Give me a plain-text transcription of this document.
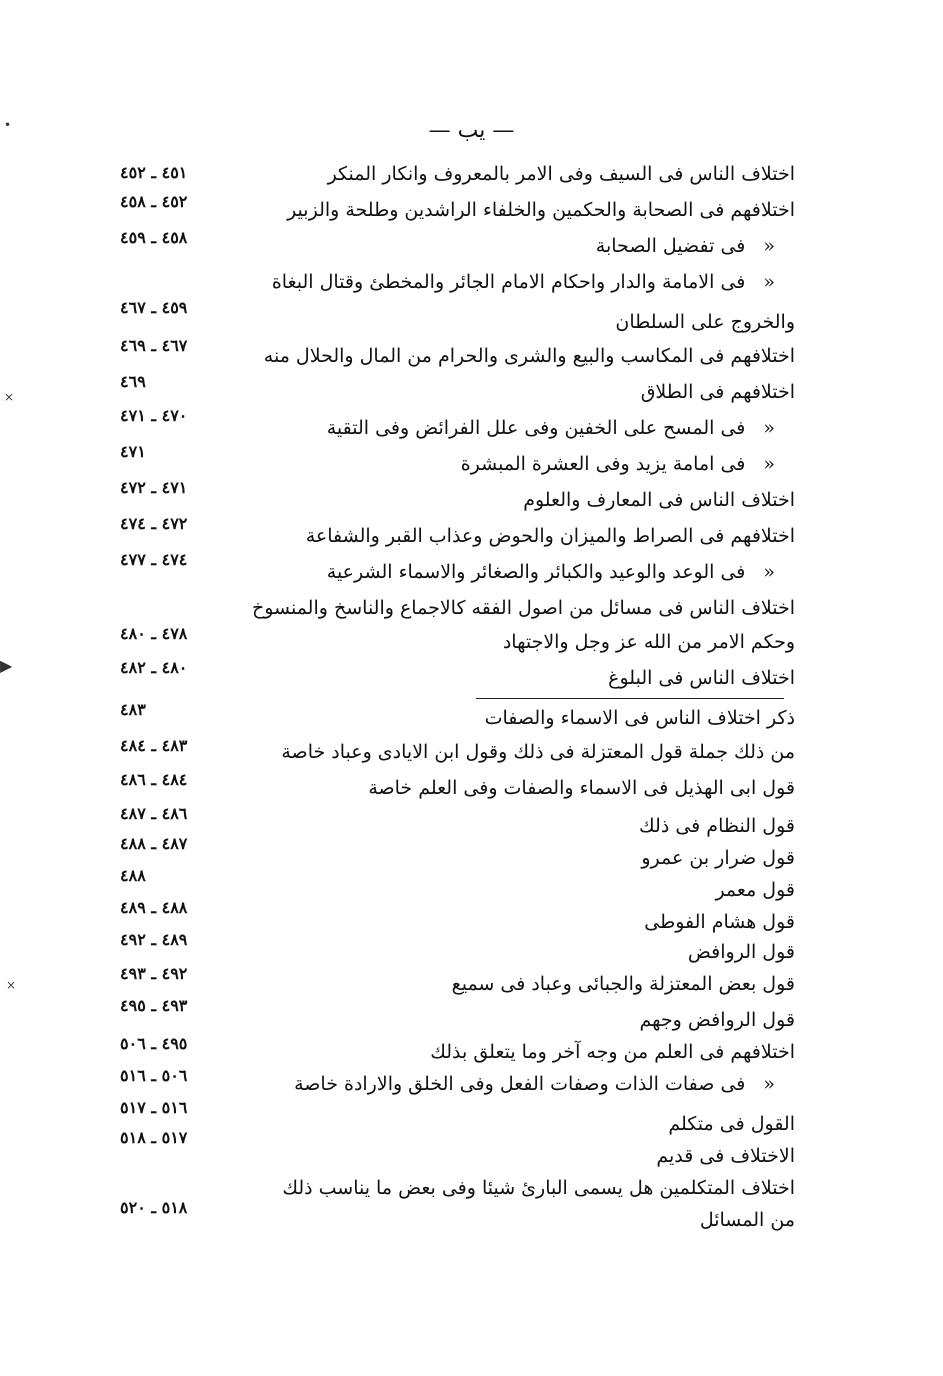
— يب —
•
×
▶
×
اختلاف الناس فى السيف وفى الامر بالمعروف وانكار المنكر
٤٥١ ـ ٤٥٢
اختلافهم فى الصحابة والحكمين والخلفاء الراشدين وطلحة والزبير
٤٥٢ ـ ٤٥٨
«فى تفضيل الصحابة
٤٥٨ ـ ٤٥٩
«فى الامامة والدار واحكام الامام الجائر والمخطئ وقتال البغاة
والخروج على السلطان
٤٥٩ ـ ٤٦٧
اختلافهم فى المكاسب والبيع والشرى والحرام من المال والحلال منه
٤٦٧ ـ ٤٦٩
اختلافهم فى الطلاق
٤٦٩
«فى المسح على الخفين وفى علل الفرائض وفى التقية
٤٧٠ ـ ٤٧١
«فى امامة يزيد وفى العشرة المبشرة
٤٧١
اختلاف الناس فى المعارف والعلوم
٤٧١ ـ ٤٧٢
اختلافهم فى الصراط والميزان والحوض وعذاب القبر والشفاعة
٤٧٢ ـ ٤٧٤
«فى الوعد والوعيد والكبائر والصغائر والاسماء الشرعية
٤٧٤ ـ ٤٧٧
اختلاف الناس فى مسائل من اصول الفقه كالاجماع والناسخ والمنسوخ
وحكم الامر من الله عز وجل والاجتهاد
٤٧٨ ـ ٤٨٠
اختلاف الناس فى البلوغ
٤٨٠ ـ ٤٨٢
ذكر اختلاف الناس فى الاسماء والصفات
٤٨٣
من ذلك جملة قول المعتزلة فى ذلك وقول ابن الايادى وعباد خاصة
٤٨٣ ـ ٤٨٤
قول ابى الهذيل فى الاسماء والصفات وفى العلم خاصة
٤٨٤ ـ ٤٨٦
قول النظام فى ذلك
٤٨٦ ـ ٤٨٧
قول ضرار بن عمرو
٤٨٧ ـ ٤٨٨
قول معمر
٤٨٨
قول هشام الفوطى
٤٨٨ ـ ٤٨٩
قول الروافض
٤٨٩ ـ ٤٩٢
قول بعض المعتزلة والجبائى وعباد فى سميع
٤٩٢ ـ ٤٩٣
قول الروافض وجهم
٤٩٣ ـ ٤٩٥
اختلافهم فى العلم من وجه آخر وما يتعلق بذلك
٤٩٥ ـ ٥٠٦
«فى صفات الذات وصفات الفعل وفى الخلق والارادة خاصة
٥٠٦ ـ ٥١٦
القول فى متكلم
٥١٦ ـ ٥١٧
الاختلاف فى قديم
٥١٧ ـ ٥١٨
اختلاف المتكلمين هل يسمى البارئ شيئا وفى بعض ما يناسب ذلك
من المسائل
٥١٨ ـ ٥٢٠
